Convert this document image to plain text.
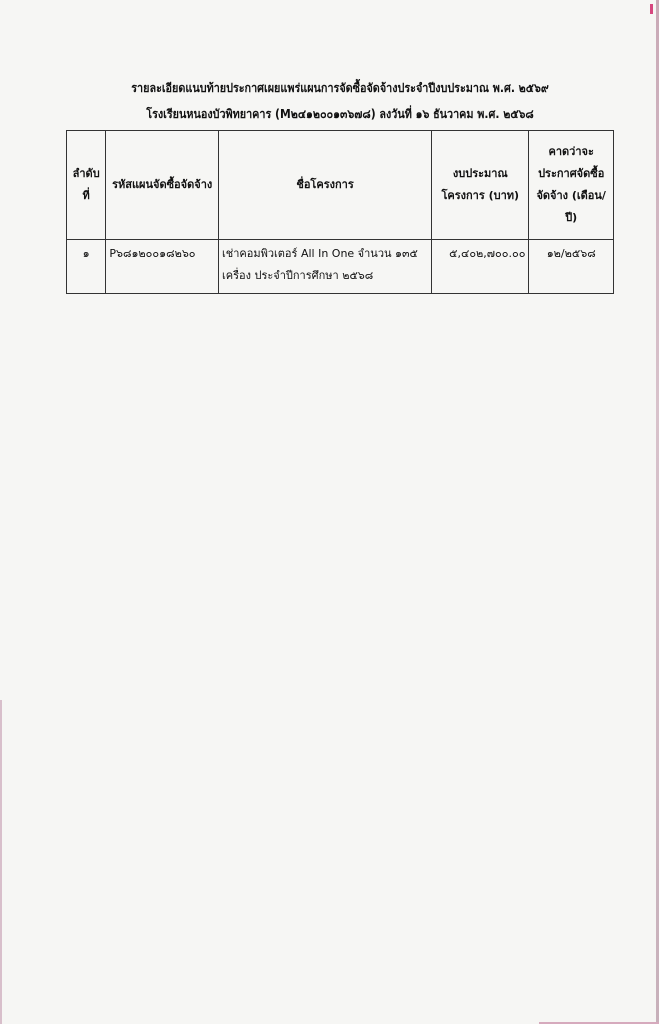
รายละเอียดแนบท้ายประกาศเผยแพร่แผนการจัดซื้อจัดจ้างประจำปีงบประมาณ พ.ศ. ๒๕๖๙
โรงเรียนหนองบัวพิทยาคาร (M๒๔๑๒๐๐๑๓๖๗๘) ลงวันที่ ๑๖ ธันวาคม พ.ศ. ๒๕๖๘
ลำดับที่	รหัสแผนจัดซื้อจัดจ้าง	ชื่อโครงการ	งบประมาณโครงการ (บาท)	คาดว่าจะประกาศจัดซื้อจัดจ้าง (เดือน/ปี)
๑	P๖๘๑๒๐๐๑๘๒๖๐	เช่าคอมพิวเตอร์ All In One จำนวน ๑๓๕ เครื่อง ประจำปีการศึกษา ๒๕๖๘	๕,๔๐๒,๗๐๐.๐๐	๑๒/๒๕๖๘
